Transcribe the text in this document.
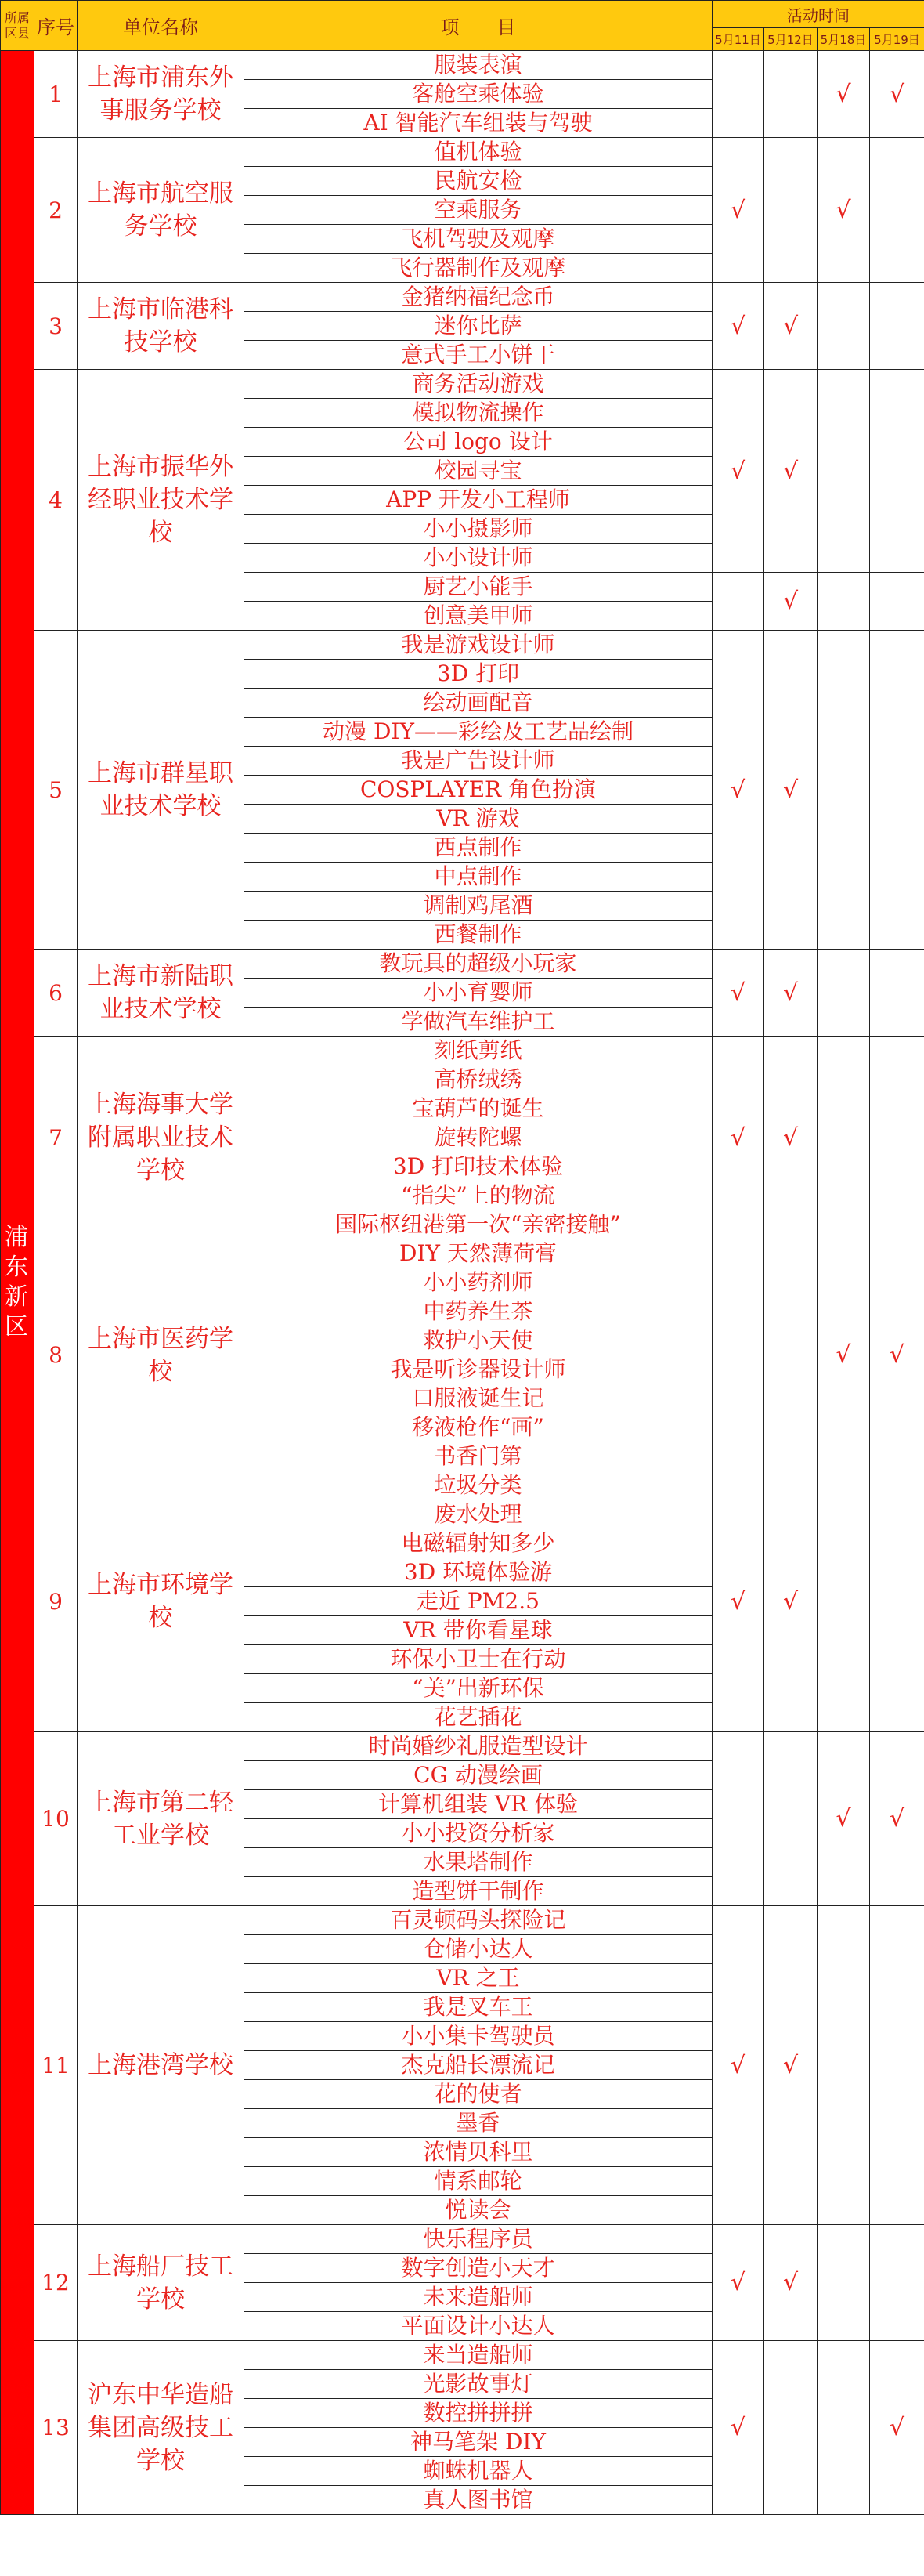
所属区县	序号	单位名称	项　　目	活动时间			
				5月11日	5月12日	5月18日	5月19日
浦东新区	1	上海市浦东外事服务学校	服装表演			√	√
			客舱空乘体验				
			AI 智能汽车组装与驾驶				
	2	上海市航空服务学校	值机体验	√		√	
			民航安检				
			空乘服务				
			飞机驾驶及观摩				
			飞行器制作及观摩				
	3	上海市临港科技学校	金猪纳福纪念币	√	√		
			迷你比萨				
			意式手工小饼干				
	4	上海市振华外经职业技术学校	商务活动游戏	√	√		
			模拟物流操作				
			公司 logo 设计				
			校园寻宝				
			APP 开发小工程师				
			小小摄影师				
			小小设计师				
			厨艺小能手		√		
			创意美甲师				
	5	上海市群星职业技术学校	我是游戏设计师	√	√		
			3D 打印				
			绘动画配音				
			动漫 DIY——彩绘及工艺品绘制				
			我是广告设计师				
			COSPLAYER 角色扮演				
			VR 游戏				
			西点制作				
			中点制作				
			调制鸡尾酒				
			西餐制作				
	6	上海市新陆职业技术学校	教玩具的超级小玩家	√	√		
			小小育婴师				
			学做汽车维护工				
	7	上海海事大学附属职业技术学校	刻纸剪纸	√	√		
			高桥绒绣				
			宝葫芦的诞生				
			旋转陀螺				
			3D 打印技术体验				
			“指尖”上的物流				
			国际枢纽港第一次“亲密接触”				
	8	上海市医药学校	DIY 天然薄荷膏			√	√
			小小药剂师				
			中药养生茶				
			救护小天使				
			我是听诊器设计师				
			口服液诞生记				
			移液枪作“画”				
			书香门第				
	9	上海市环境学校	垃圾分类	√	√		
			废水处理				
			电磁辐射知多少				
			3D 环境体验游				
			走近 PM2.5				
			VR 带你看星球				
			环保小卫士在行动				
			“美”出新环保				
			花艺插花				
	10	上海市第二轻工业学校	时尚婚纱礼服造型设计			√	√
			CG 动漫绘画				
			计算机组装 VR 体验				
			小小投资分析家				
			水果塔制作				
			造型饼干制作				
	11	上海港湾学校	百灵顿码头探险记	√	√		
			仓储小达人				
			VR 之王				
			我是叉车王				
			小小集卡驾驶员				
			杰克船长漂流记				
			花的使者				
			墨香				
			浓情贝科里				
			情系邮轮				
			悦读会				
	12	上海船厂技工学校	快乐程序员	√	√		
			数字创造小天才				
			未来造船师				
			平面设计小达人				
	13	沪东中华造船集团高级技工学校	来当造船师	√			√
			光影故事灯				
			数控拼拼拼				
			神马笔架 DIY				
			蜘蛛机器人				
			真人图书馆				
